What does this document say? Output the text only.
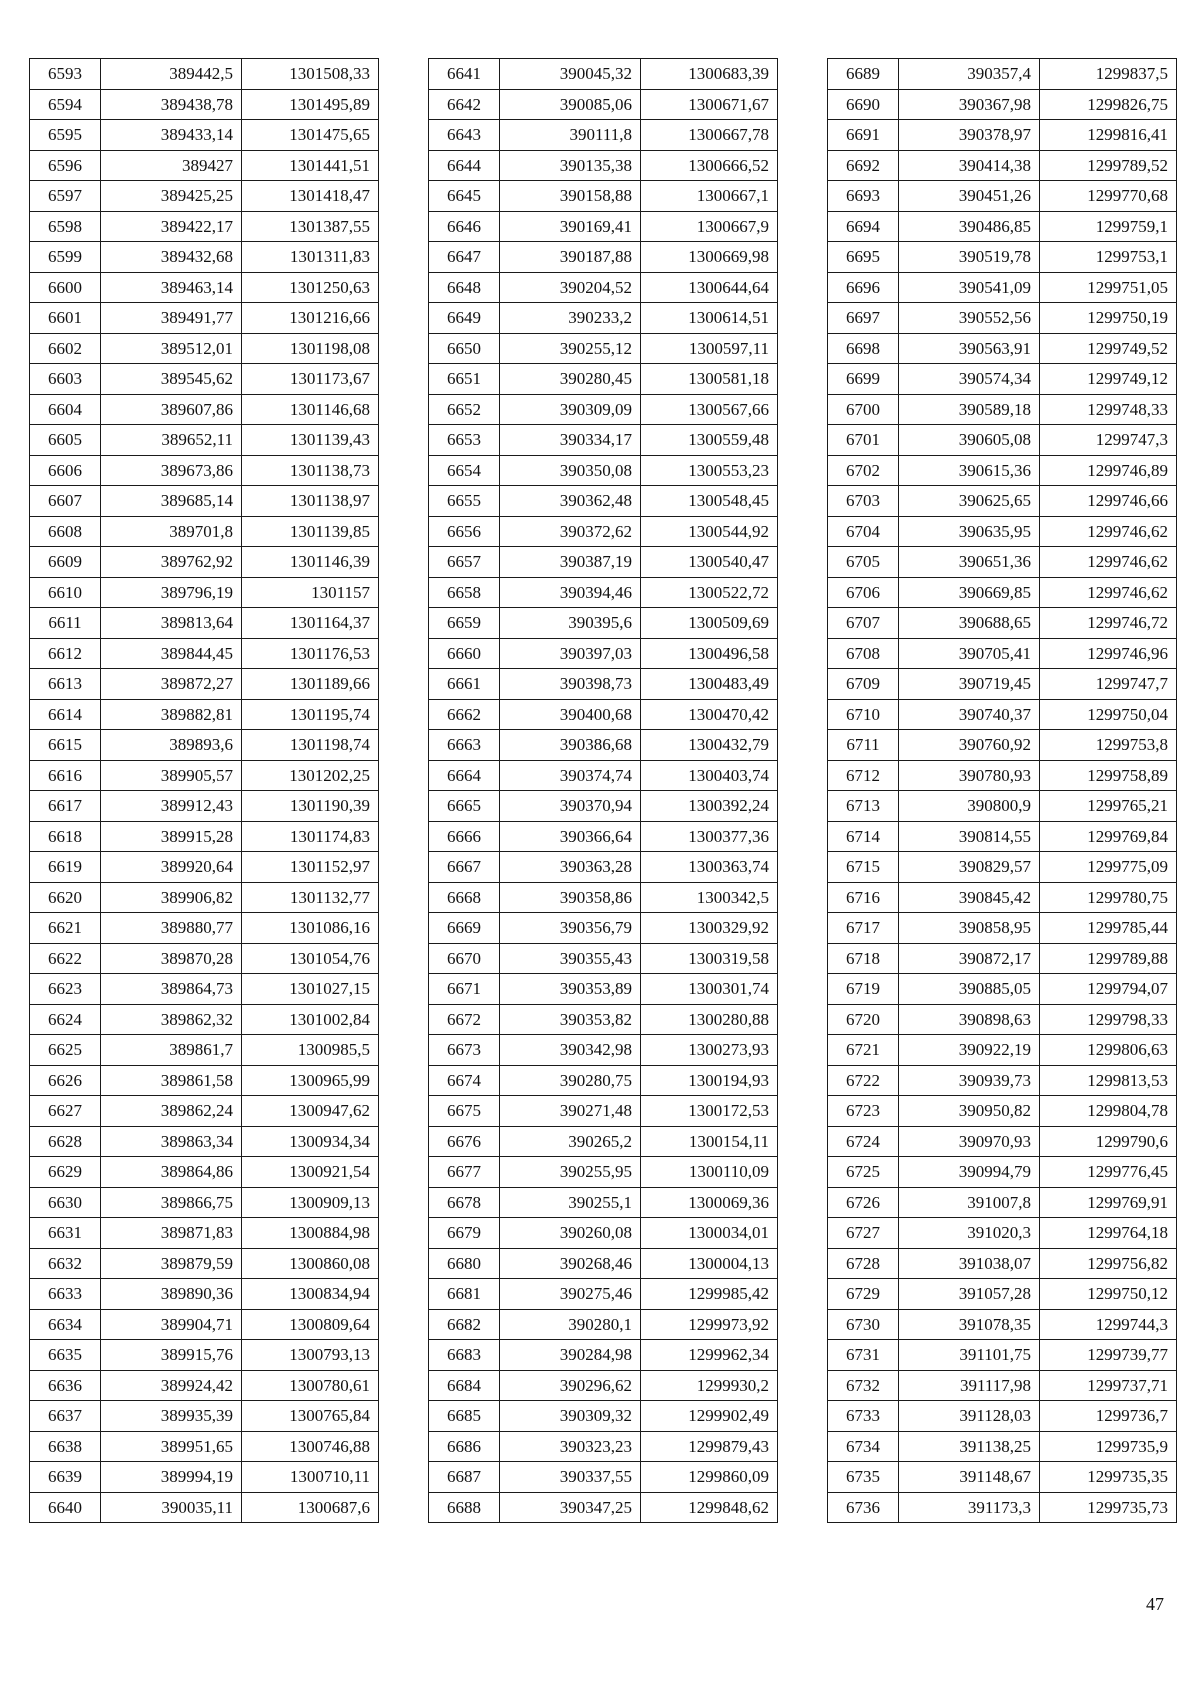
6593	389442,5	1301508,33
6594	389438,78	1301495,89
6595	389433,14	1301475,65
6596	389427	1301441,51
6597	389425,25	1301418,47
6598	389422,17	1301387,55
6599	389432,68	1301311,83
6600	389463,14	1301250,63
6601	389491,77	1301216,66
6602	389512,01	1301198,08
6603	389545,62	1301173,67
6604	389607,86	1301146,68
6605	389652,11	1301139,43
6606	389673,86	1301138,73
6607	389685,14	1301138,97
6608	389701,8	1301139,85
6609	389762,92	1301146,39
6610	389796,19	1301157
6611	389813,64	1301164,37
6612	389844,45	1301176,53
6613	389872,27	1301189,66
6614	389882,81	1301195,74
6615	389893,6	1301198,74
6616	389905,57	1301202,25
6617	389912,43	1301190,39
6618	389915,28	1301174,83
6619	389920,64	1301152,97
6620	389906,82	1301132,77
6621	389880,77	1301086,16
6622	389870,28	1301054,76
6623	389864,73	1301027,15
6624	389862,32	1301002,84
6625	389861,7	1300985,5
6626	389861,58	1300965,99
6627	389862,24	1300947,62
6628	389863,34	1300934,34
6629	389864,86	1300921,54
6630	389866,75	1300909,13
6631	389871,83	1300884,98
6632	389879,59	1300860,08
6633	389890,36	1300834,94
6634	389904,71	1300809,64
6635	389915,76	1300793,13
6636	389924,42	1300780,61
6637	389935,39	1300765,84
6638	389951,65	1300746,88
6639	389994,19	1300710,11
6640	390035,11	1300687,6
6641	390045,32	1300683,39
6642	390085,06	1300671,67
6643	390111,8	1300667,78
6644	390135,38	1300666,52
6645	390158,88	1300667,1
6646	390169,41	1300667,9
6647	390187,88	1300669,98
6648	390204,52	1300644,64
6649	390233,2	1300614,51
6650	390255,12	1300597,11
6651	390280,45	1300581,18
6652	390309,09	1300567,66
6653	390334,17	1300559,48
6654	390350,08	1300553,23
6655	390362,48	1300548,45
6656	390372,62	1300544,92
6657	390387,19	1300540,47
6658	390394,46	1300522,72
6659	390395,6	1300509,69
6660	390397,03	1300496,58
6661	390398,73	1300483,49
6662	390400,68	1300470,42
6663	390386,68	1300432,79
6664	390374,74	1300403,74
6665	390370,94	1300392,24
6666	390366,64	1300377,36
6667	390363,28	1300363,74
6668	390358,86	1300342,5
6669	390356,79	1300329,92
6670	390355,43	1300319,58
6671	390353,89	1300301,74
6672	390353,82	1300280,88
6673	390342,98	1300273,93
6674	390280,75	1300194,93
6675	390271,48	1300172,53
6676	390265,2	1300154,11
6677	390255,95	1300110,09
6678	390255,1	1300069,36
6679	390260,08	1300034,01
6680	390268,46	1300004,13
6681	390275,46	1299985,42
6682	390280,1	1299973,92
6683	390284,98	1299962,34
6684	390296,62	1299930,2
6685	390309,32	1299902,49
6686	390323,23	1299879,43
6687	390337,55	1299860,09
6688	390347,25	1299848,62
6689	390357,4	1299837,5
6690	390367,98	1299826,75
6691	390378,97	1299816,41
6692	390414,38	1299789,52
6693	390451,26	1299770,68
6694	390486,85	1299759,1
6695	390519,78	1299753,1
6696	390541,09	1299751,05
6697	390552,56	1299750,19
6698	390563,91	1299749,52
6699	390574,34	1299749,12
6700	390589,18	1299748,33
6701	390605,08	1299747,3
6702	390615,36	1299746,89
6703	390625,65	1299746,66
6704	390635,95	1299746,62
6705	390651,36	1299746,62
6706	390669,85	1299746,62
6707	390688,65	1299746,72
6708	390705,41	1299746,96
6709	390719,45	1299747,7
6710	390740,37	1299750,04
6711	390760,92	1299753,8
6712	390780,93	1299758,89
6713	390800,9	1299765,21
6714	390814,55	1299769,84
6715	390829,57	1299775,09
6716	390845,42	1299780,75
6717	390858,95	1299785,44
6718	390872,17	1299789,88
6719	390885,05	1299794,07
6720	390898,63	1299798,33
6721	390922,19	1299806,63
6722	390939,73	1299813,53
6723	390950,82	1299804,78
6724	390970,93	1299790,6
6725	390994,79	1299776,45
6726	391007,8	1299769,91
6727	391020,3	1299764,18
6728	391038,07	1299756,82
6729	391057,28	1299750,12
6730	391078,35	1299744,3
6731	391101,75	1299739,77
6732	391117,98	1299737,71
6733	391128,03	1299736,7
6734	391138,25	1299735,9
6735	391148,67	1299735,35
6736	391173,3	1299735,73
47
